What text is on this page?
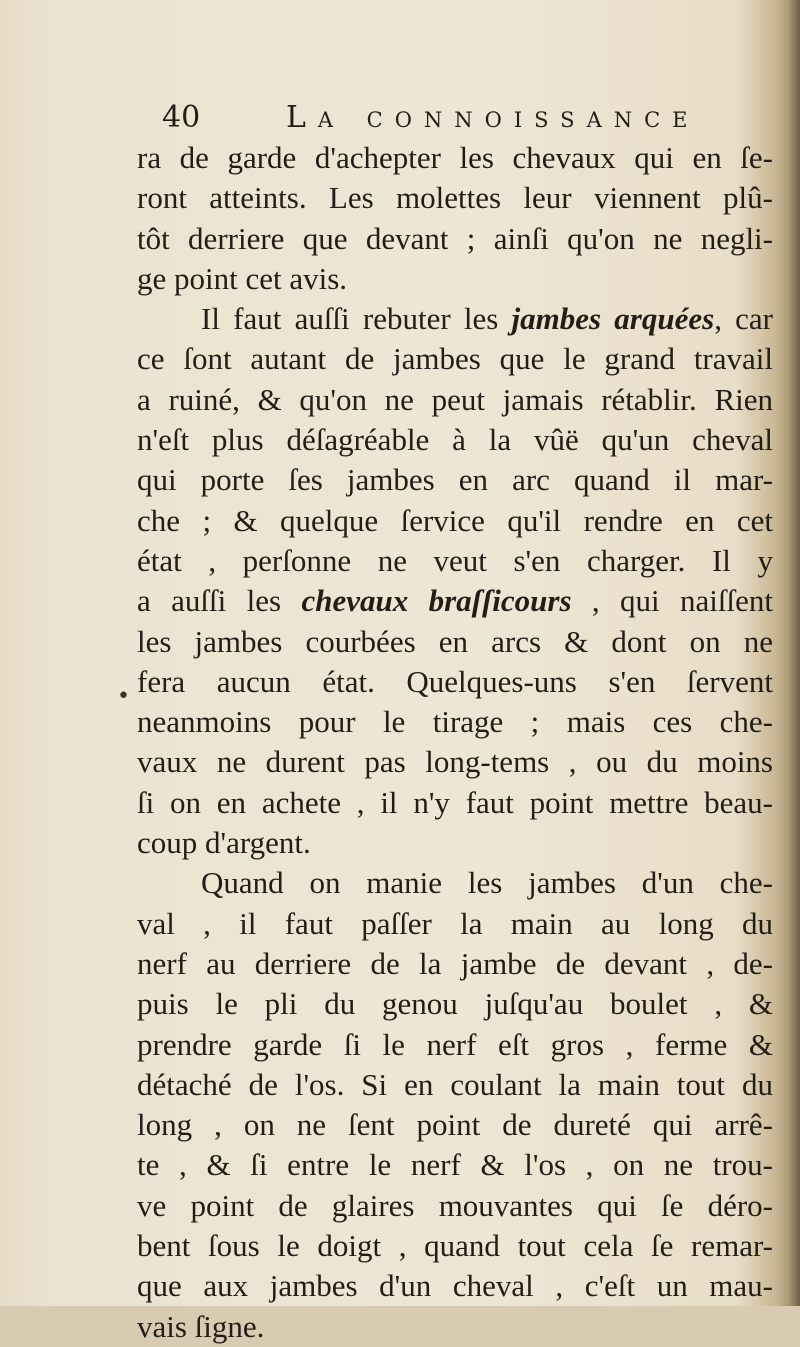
40	La connoissance
•
ra de garde d'achepter les chevaux qui en ſe-
ront atteints. Les molettes leur viennent plû-
tôt derriere que devant ; ainſi qu'on ne negli-
ge point cet avis.
Il faut auſſi rebuter les jambes arquées, car
ce ſont autant de jambes que le grand travail
a ruiné, & qu'on ne peut jamais rétablir. Rien
n'eſt plus déſagréable à la vûë qu'un cheval
qui porte ſes jambes en arc quand il mar-
che ; & quelque ſervice qu'il rendre en cet
état , perſonne ne veut s'en charger. Il y
a auſſi les chevaux braſſicours , qui naiſſent
les jambes courbées en arcs & dont on ne
fera aucun état. Quelques-uns s'en ſervent
neanmoins pour le tirage ; mais ces che-
vaux ne durent pas long-tems , ou du moins
ſi on en achete , il n'y faut point mettre beau-
coup d'argent.
Quand on manie les jambes d'un che-
val , il faut paſſer la main au long du
nerf au derriere de la jambe de devant , de-
puis le pli du genou juſqu'au boulet , &
prendre garde ſi le nerf eſt gros , ferme &
détaché de l'os. Si en coulant la main tout du
long , on ne ſent point de dureté qui arrê-
te , & ſi entre le nerf & l'os , on ne trou-
ve point de glaires mouvantes qui ſe déro-
bent ſous le doigt , quand tout cela ſe remar-
que aux jambes d'un cheval , c'eſt un mau-
vais ſigne.
